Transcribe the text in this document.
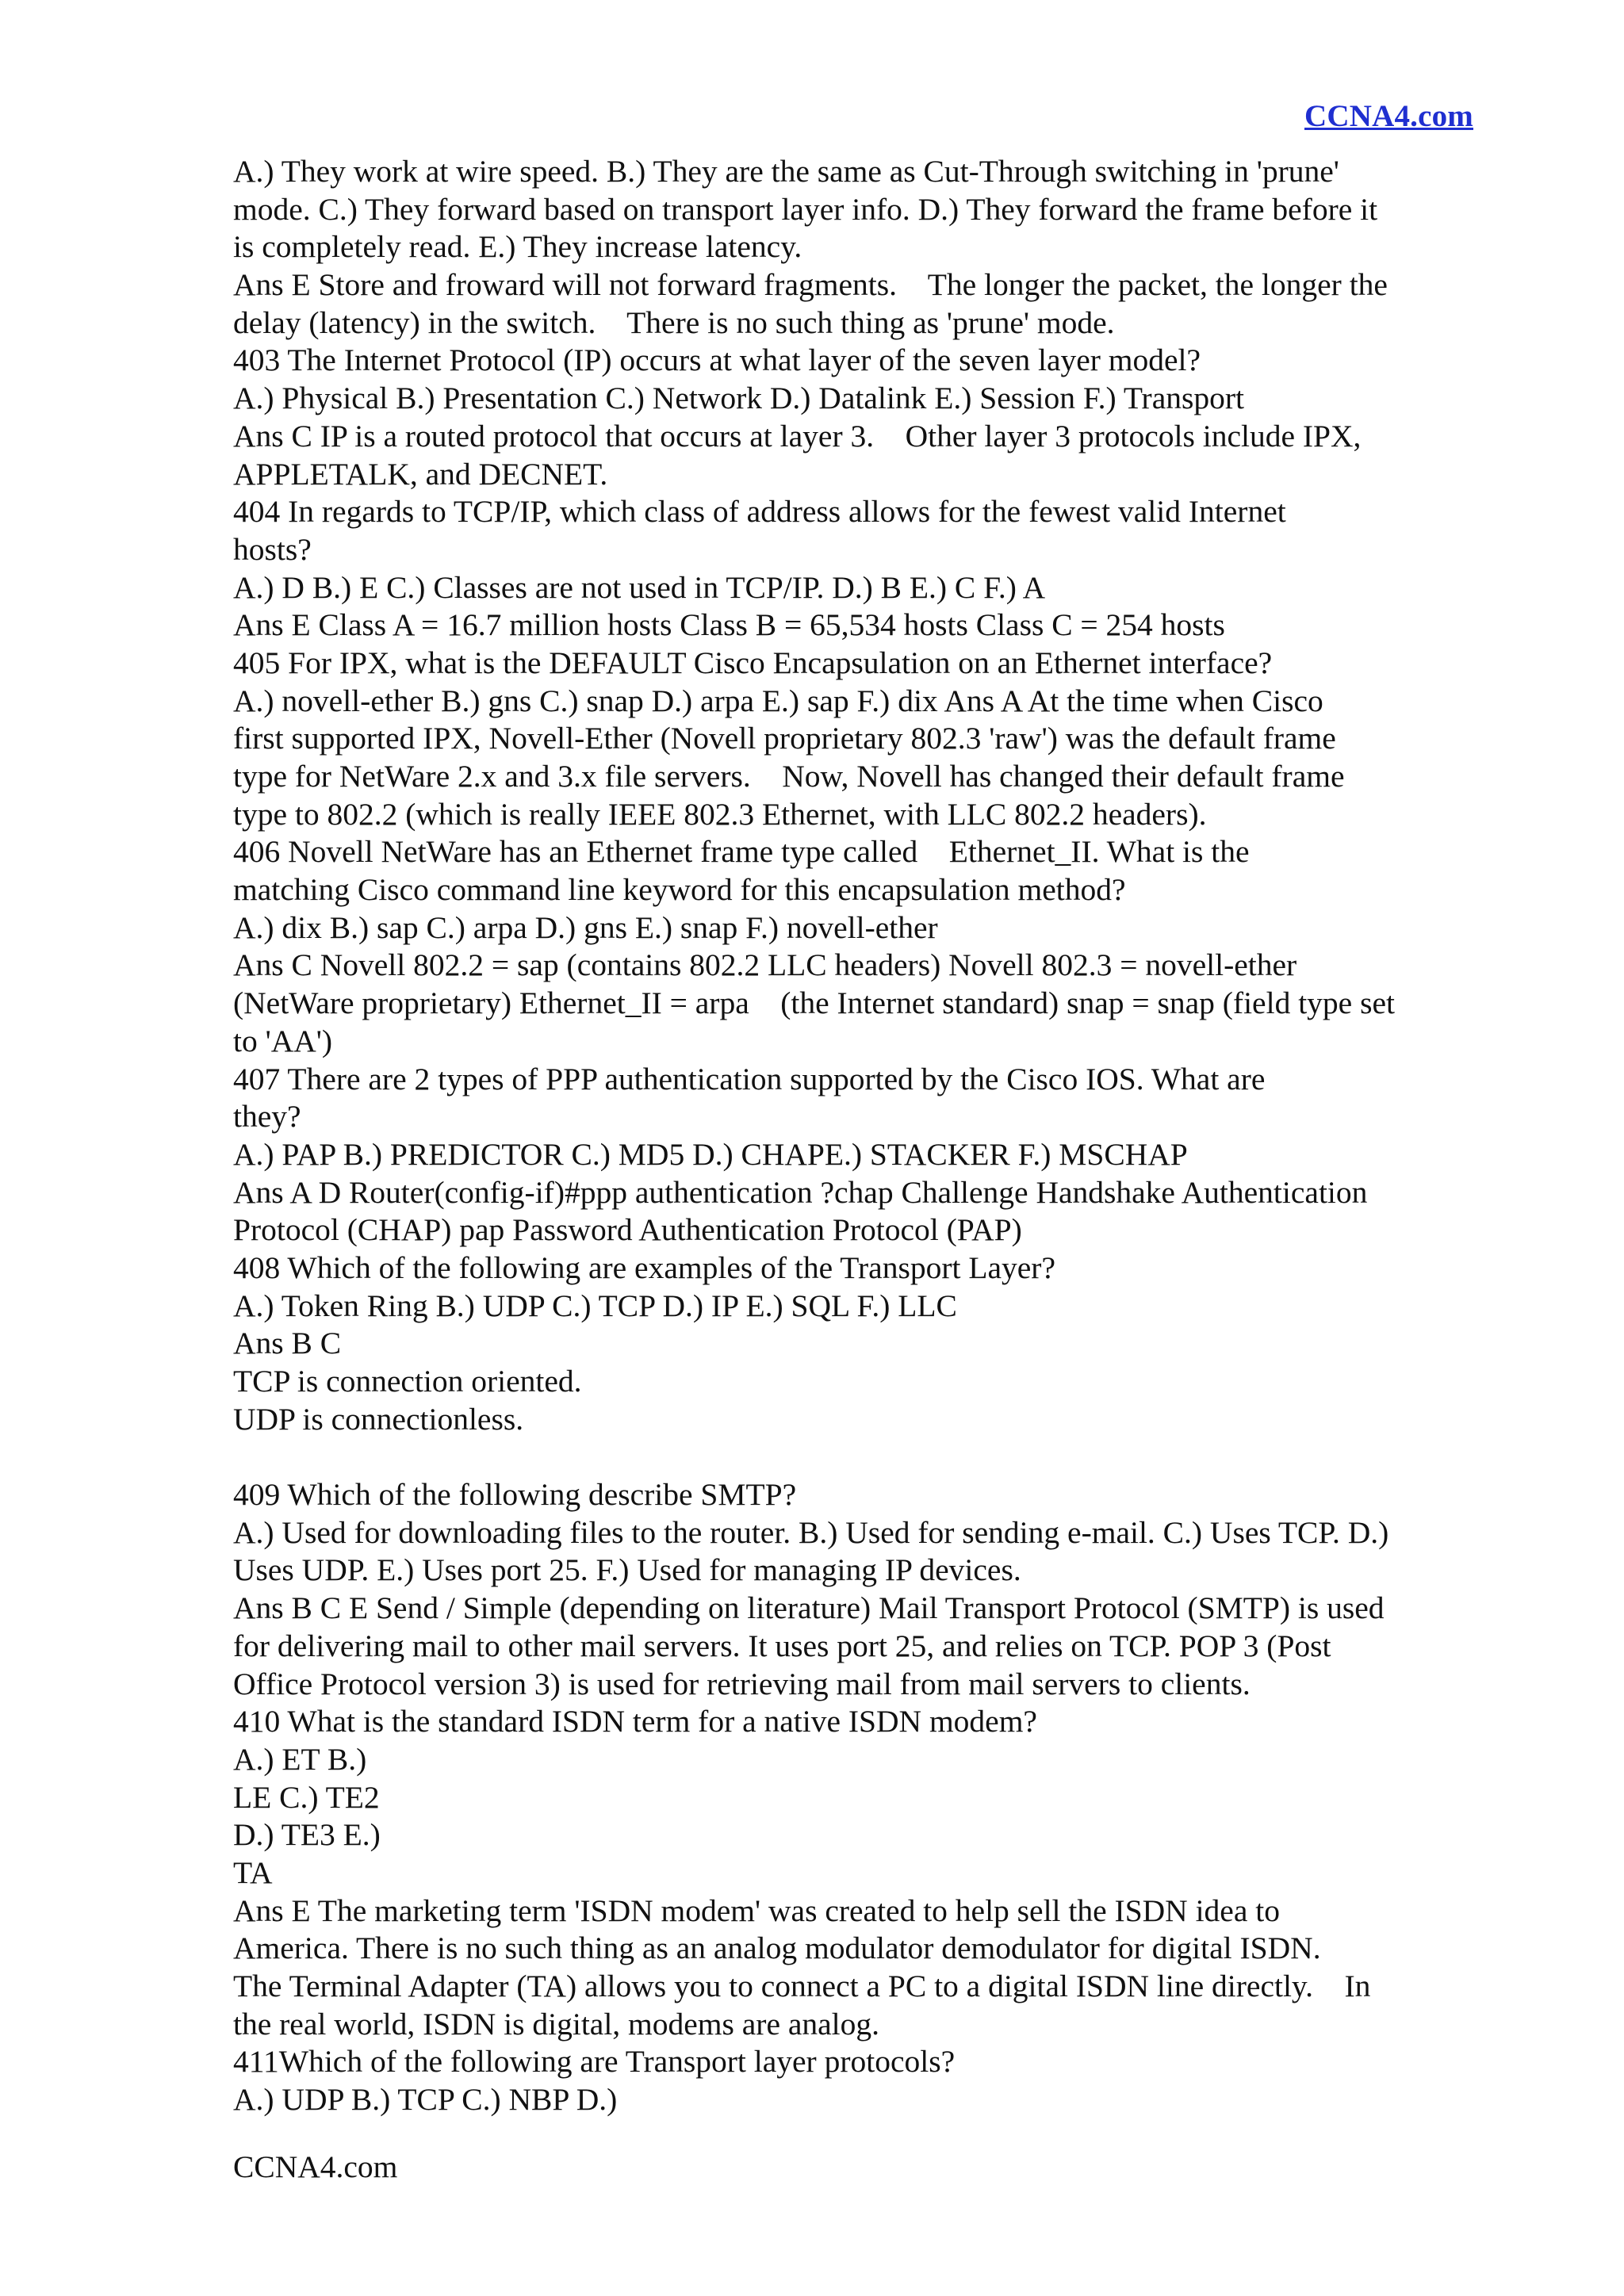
CCNA4.com
A.) They work at wire speed. B.) They are the same as Cut-Through switching in 'prune'
mode. C.) They forward based on transport layer info. D.) They forward the frame before it
is completely read. E.) They increase latency.
Ans E Store and froward will not forward fragments.    The longer the packet, the longer the
delay (latency) in the switch.    There is no such thing as 'prune' mode.
403 The Internet Protocol (IP) occurs at what layer of the seven layer model?
A.) Physical B.) Presentation C.) Network D.) Datalink E.) Session F.) Transport
Ans C IP is a routed protocol that occurs at layer 3.    Other layer 3 protocols include IPX,
APPLETALK, and DECNET.
404 In regards to TCP/IP, which class of address allows for the fewest valid Internet
hosts?
A.) D B.) E C.) Classes are not used in TCP/IP. D.) B E.) C F.) A
Ans E Class A = 16.7 million hosts Class B = 65,534 hosts Class C = 254 hosts
405 For IPX, what is the DEFAULT Cisco Encapsulation on an Ethernet interface?
A.) novell-ether B.) gns C.) snap D.) arpa E.) sap F.) dix Ans A At the time when Cisco
first supported IPX, Novell-Ether (Novell proprietary 802.3 'raw') was the default frame
type for NetWare 2.x and 3.x file servers.    Now, Novell has changed their default frame
type to 802.2 (which is really IEEE 802.3 Ethernet, with LLC 802.2 headers).
406 Novell NetWare has an Ethernet frame type called    Ethernet_II. What is the
matching Cisco command line keyword for this encapsulation method?
A.) dix B.) sap C.) arpa D.) gns E.) snap F.) novell-ether
Ans C Novell 802.2 = sap (contains 802.2 LLC headers) Novell 802.3 = novell-ether
(NetWare proprietary) Ethernet_II = arpa    (the Internet standard) snap = snap (field type set
to 'AA')
407 There are 2 types of PPP authentication supported by the Cisco IOS. What are
they?
A.) PAP B.) PREDICTOR C.) MD5 D.) CHAPE.) STACKER F.) MSCHAP
Ans A D Router(config-if)#ppp authentication ?chap Challenge Handshake Authentication
Protocol (CHAP) pap Password Authentication Protocol (PAP)
408 Which of the following are examples of the Transport Layer?
A.) Token Ring B.) UDP C.) TCP D.) IP E.) SQL F.) LLC
Ans B C
TCP is connection oriented.
UDP is connectionless.
409 Which of the following describe SMTP?
A.) Used for downloading files to the router. B.) Used for sending e-mail. C.) Uses TCP. D.)
Uses UDP. E.) Uses port 25. F.) Used for managing IP devices.
Ans B C E Send / Simple (depending on literature) Mail Transport Protocol (SMTP) is used
for delivering mail to other mail servers. It uses port 25, and relies on TCP. POP 3 (Post
Office Protocol version 3) is used for retrieving mail from mail servers to clients.
410 What is the standard ISDN term for a native ISDN modem?
A.) ET B.)
LE C.) TE2
D.) TE3 E.)
TA
Ans E The marketing term 'ISDN modem' was created to help sell the ISDN idea to
America. There is no such thing as an analog modulator demodulator for digital ISDN.
The Terminal Adapter (TA) allows you to connect a PC to a digital ISDN line directly.    In
the real world, ISDN is digital, modems are analog.
411Which of the following are Transport layer protocols?
A.) UDP B.) TCP C.) NBP D.)
CCNA4.com
